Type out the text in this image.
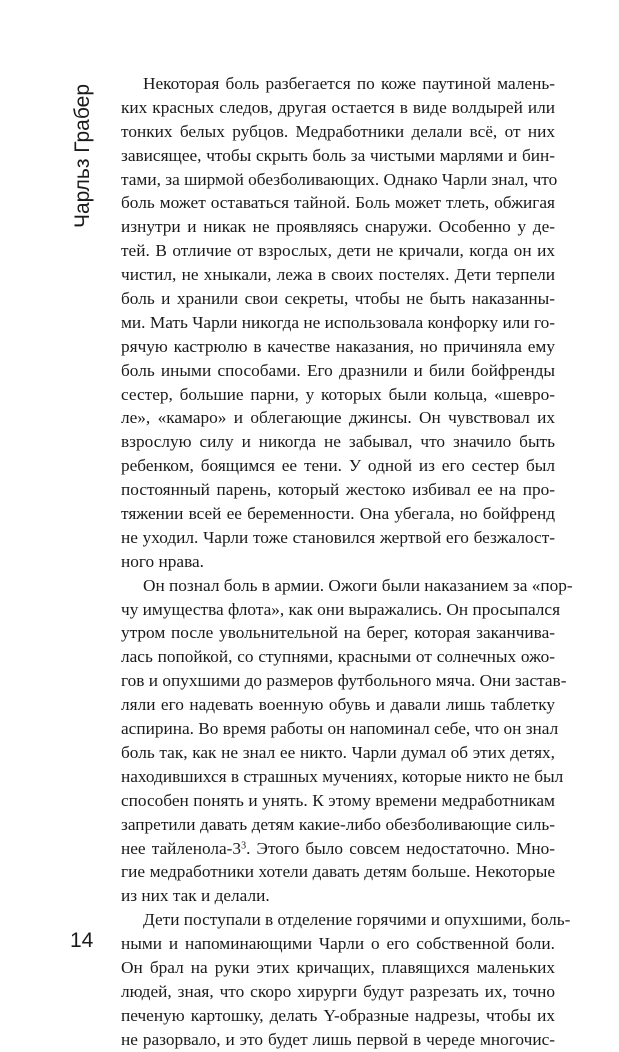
Чарльз Грабер
14

Некоторая боль разбегается по коже паутиной малень-
ких красных следов, другая остается в виде волдырей или
тонких белых рубцов. Медработники делали всё, от них
зависящее, чтобы скрыть боль за чистыми марлями и бин-
тами, за ширмой обезболивающих. Однако Чарли знал, что
боль может оставаться тайной. Боль может тлеть, обжигая
изнутри и никак не проявляясь снаружи. Особенно у де-
тей. В отличие от взрослых, дети не кричали, когда он их
чистил, не хныкали, лежа в своих постелях. Дети терпели
боль и хранили свои секреты, чтобы не быть наказанны-
ми. Мать Чарли никогда не использовала конфорку или го-
рячую кастрюлю в качестве наказания, но причиняла ему
боль иными способами. Его дразнили и били бойфренды
сестер, большие парни, у которых были кольца, «шевро-
ле», «камаро» и облегающие джинсы. Он чувствовал их
взрослую силу и никогда не забывал, что значило быть
ребенком, боящимся ее тени. У одной из его сестер был
постоянный парень, который жестоко избивал ее на про-
тяжении всей ее беременности. Она убегала, но бойфренд
не уходил. Чарли тоже становился жертвой его безжалост-
ного нрава.

Он познал боль в армии. Ожоги были наказанием за «пор-
чу имущества флота», как они выражались. Он просыпался
утром после увольнительной на берег, которая заканчива-
лась попойкой, со ступнями, красными от солнечных ожо-
гов и опухшими до размеров футбольного мяча. Они застав-
ляли его надевать военную обувь и давали лишь таблетку
аспирина. Во время работы он напоминал себе, что он знал
боль так, как не знал ее никто. Чарли думал об этих детях,
находившихся в страшных мучениях, которые никто не был
способен понять и унять. К этому времени медработникам
запретили давать детям какие-либо обезболивающие силь-
нее тайленола-$3^3$. Этого было совсем недостаточно. Мно-
гие медработники хотели давать детям больше. Некоторые
из них так и делали.

Дети поступали в отделение горячими и опухшими, боль-
ными и напоминающими Чарли о его собственной боли.
Он брал на руки этих кричащих, плавящихся маленьких
людей, зная, что скоро хирурги будут разрезать их, точно
печеную картошку, делать Y-образные надрезы, чтобы их
не разорвало, и это будет лишь первой в череде многочис-
